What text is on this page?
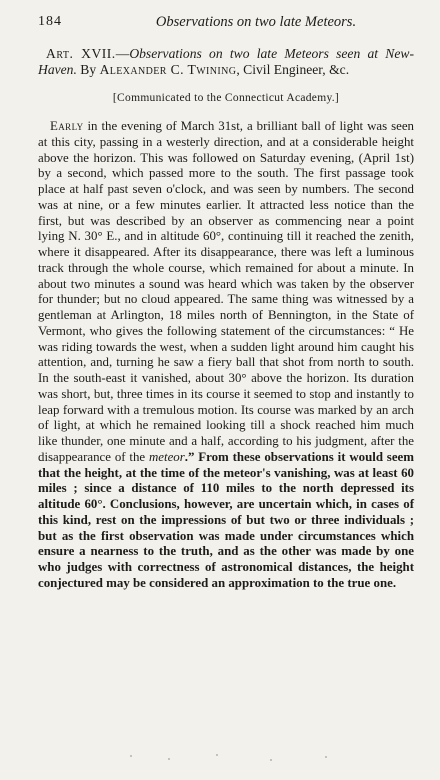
184	Observations on two late Meteors.

Art. XVII.—Observations on two late Meteors seen at New-Haven. By Alexander C. Twining, Civil Engineer, &c.

[Communicated to the Connecticut Academy.]

Early in the evening of March 31st, a brilliant ball of light was seen at this city, passing in a westerly direction, and at a considerable height above the horizon. This was followed on Saturday evening, (April 1st) by a second, which passed more to the south. The first passage took place at half past seven o'clock, and was seen by numbers. The second was at nine, or a few minutes earlier. It attracted less notice than the first, but was described by an observer as commencing near a point lying N. 30° E., and in altitude 60°, continuing till it reached the zenith, where it disappeared. After its disappearance, there was left a luminous track through the whole course, which remained for about a minute. In about two minutes a sound was heard which was taken by the observer for thunder; but no cloud appeared. The same thing was witnessed by a gentleman at Arlington, 18 miles north of Bennington, in the State of Vermont, who gives the following statement of the circumstances: “ He was riding towards the west, when a sudden light around him caught his attention, and, turning he saw a fiery ball that shot from north to south. In the south-east it vanished, about 30° above the horizon. Its duration was short, but, three times in its course it seemed to stop and instantly to leap forward with a tremulous motion. Its course was marked by an arch of light, at which he remained looking till a shock reached him much like thunder, one minute and a half, according to his judgment, after the disappearance of the meteor.” From these observations it would seem that the height, at the time of the meteor's vanishing, was at least 60 miles ; since a distance of 110 miles to the north depressed its altitude 60°. Conclusions, however, are uncertain which, in cases of this kind, rest on the impressions of but two or three individuals ; but as the first observation was made under circumstances which ensure a nearness to the truth, and as the other was made by one who judges with correctness of astronomical distances, the height conjectured may be considered an approximation to the true one.
